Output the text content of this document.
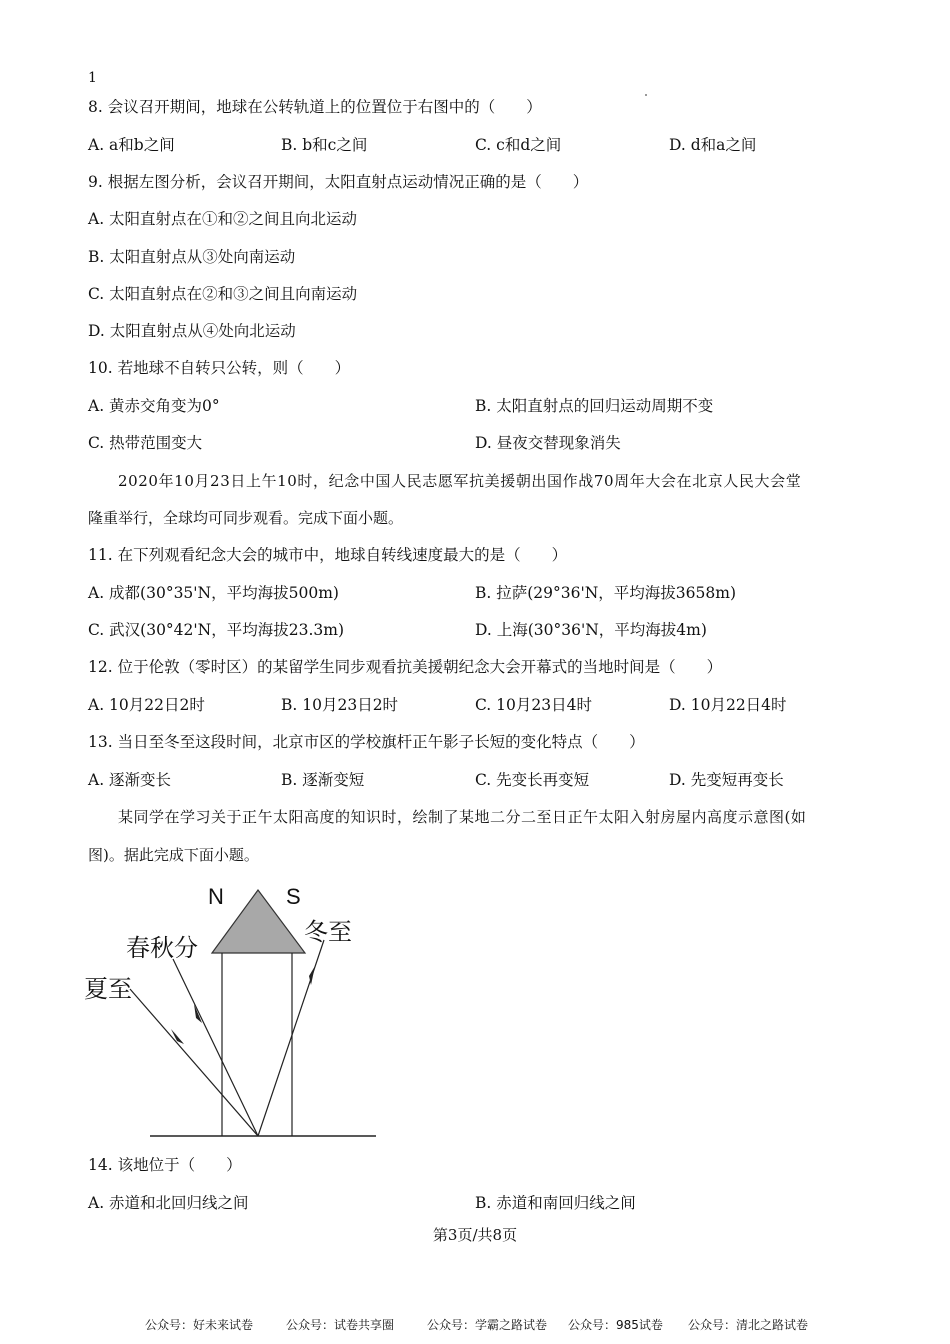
1
8. 会议召开期间，地球在公转轨道上的位置位于右图中的（　　）
A. a和b之间	B. b和c之间	C. c和d之间	D. d和a之间
9. 根据左图分析，会议召开期间，太阳直射点运动情况正确的是（　　）
A. 太阳直射点在①和②之间且向北运动
B. 太阳直射点从③处向南运动
C. 太阳直射点在②和③之间且向南运动
D. 太阳直射点从④处向北运动
10. 若地球不自转只公转，则（　　）
A. 黄赤交角变为0°	B. 太阳直射点的回归运动周期不变
C. 热带范围变大	D. 昼夜交替现象消失
2020年10月23日上午10时，纪念中国人民志愿军抗美援朝出国作战70周年大会在北京人民大会堂
隆重举行，全球均可同步观看。完成下面小题。
11. 在下列观看纪念大会的城市中，地球自转线速度最大的是（　　）
A. 成都(30°35'N，平均海拔500m)	B. 拉萨(29°36'N，平均海拔3658m)
C. 武汉(30°42'N，平均海拔23.3m)	D. 上海(30°36'N，平均海拔4m)
12. 位于伦敦（零时区）的某留学生同步观看抗美援朝纪念大会开幕式的当地时间是（　　）
A. 10月22日2时	B. 10月23日2时	C. 10月23日4时	D. 10月22日4时
13. 当日至冬至这段时间，北京市区的学校旗杆正午影子长短的变化特点（　　）
A. 逐渐变长	B. 逐渐变短	C. 先变长再变短	D. 先变短再变长
某同学在学习关于正午太阳高度的知识时，绘制了某地二分二至日正午太阳入射房屋内高度示意图(如
图)。据此完成下面小题。
N	S
春秋分
夏至
冬至
14. 该地位于（　　）
A. 赤道和北回归线之间	B. 赤道和南回归线之间
第3页/共8页
公众号：好未来试卷	公众号：试卷共享圈	公众号：学霸之路试卷 公众号：985试卷 公众号：清北之路试卷
